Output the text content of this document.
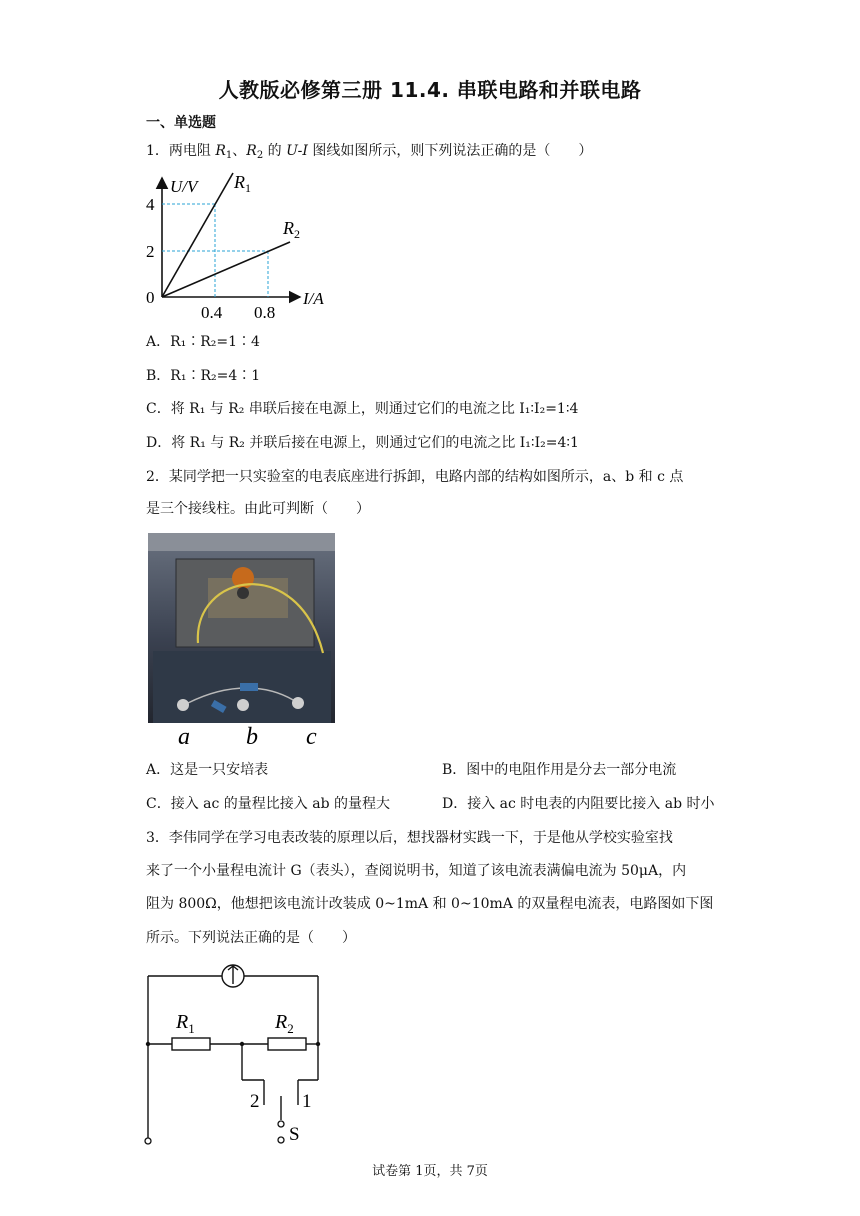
人教版必修第三册 11.4. 串联电路和并联电路
一、单选题
1．两电阻 $R_1$、$R_2$ 的 U-I 图线如图所示，则下列说法正确的是（　　）
U/V
I/A
4
2
0
0.4 0.8
$R_1$
$R_2$
A．R₁∶R₂=1∶4
B．R₁∶R₂=4∶1
C．将 R₁ 与 R₂ 串联后接在电源上，则通过它们的电流之比 I₁∶I₂=1∶4
D．将 R₁ 与 R₂ 并联后接在电源上，则通过它们的电流之比 I₁∶I₂=4∶1
2．某同学把一只实验室的电表底座进行拆卸，电路内部的结构如图所示，a、b 和 c 点
是三个接线柱。由此可判断（　　）
a b c
A．这是一只安培表	B．图中的电阻作用是分去一部分电流
C．接入 ac 的量程比接入 ab 的量程大	D．接入 ac 时电表的内阻要比接入 ab 时小
3．李伟同学在学习电表改装的原理以后，想找器材实践一下，于是他从学校实验室找
来了一个小量程电流计 G（表头），查阅说明书，知道了该电流表满偏电流为 50μA，内
阻为 800Ω，他想把该电流计改装成 0~1mA 和 0~10mA 的双量程电流表，电路图如下图
所示。下列说法正确的是（　　）
$R_1$	$R_2$
2 1
S
试卷第 1页，共 7页
